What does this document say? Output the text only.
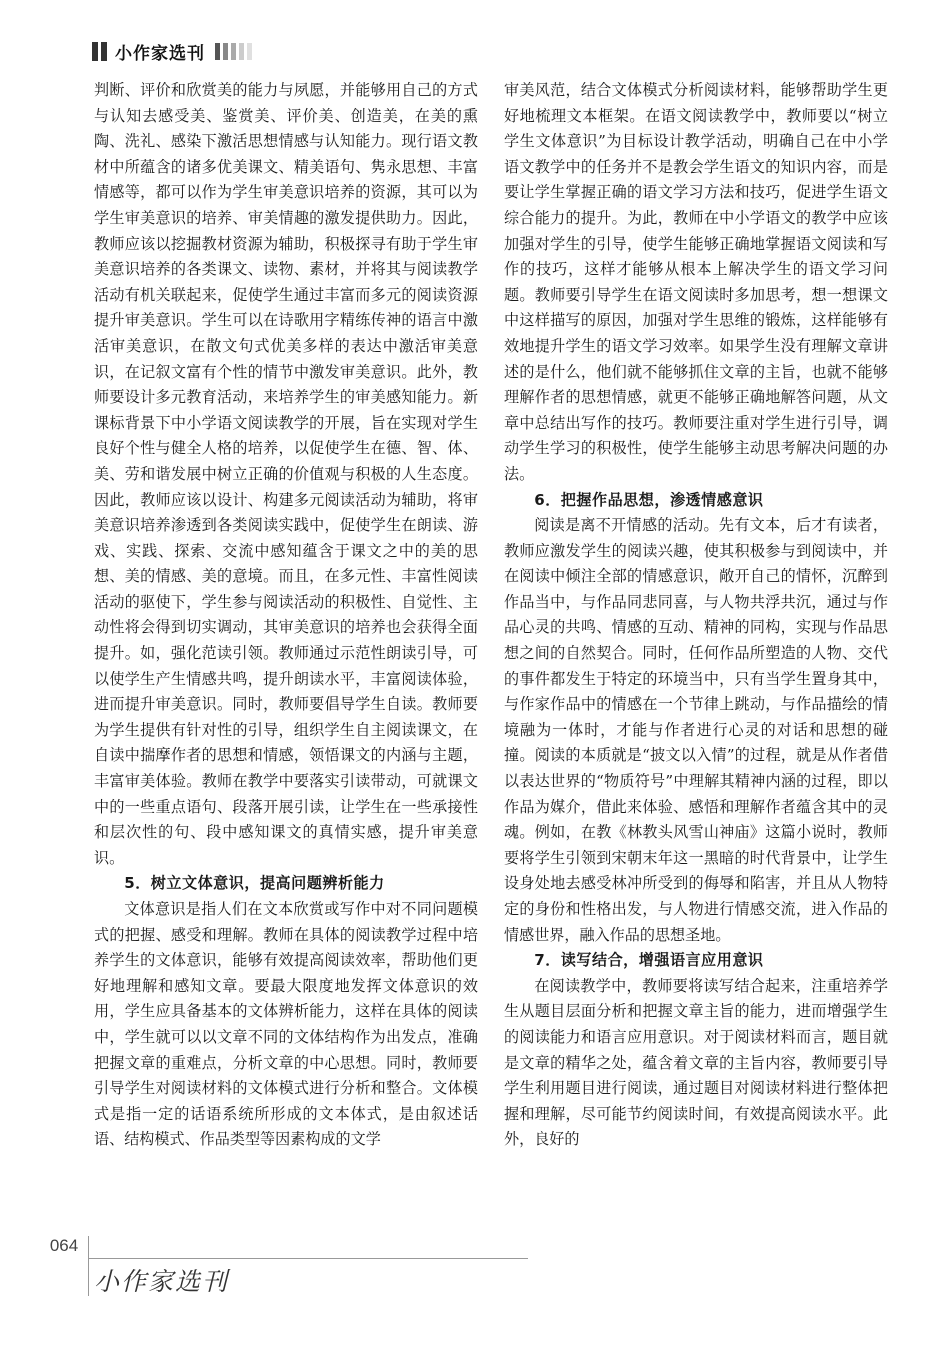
小作家选刊

判断、评价和欣赏美的能力与夙愿，并能够用自己的方式与认知去感受美、鉴赏美、评价美、创造美，在美的熏陶、洗礼、感染下激活思想情感与认知能力。现行语文教材中所蕴含的诸多优美课文、精美语句、隽永思想、丰富情感等，都可以作为学生审美意识培养的资源，其可以为学生审美意识的培养、审美情趣的激发提供助力。因此，教师应该以挖掘教材资源为辅助，积极探寻有助于学生审美意识培养的各类课文、读物、素材，并将其与阅读教学活动有机关联起来，促使学生通过丰富而多元的阅读资源提升审美意识。学生可以在诗歌用字精练传神的语言中激活审美意识，在散文句式优美多样的表达中激活审美意识，在记叙文富有个性的情节中激发审美意识。此外，教师要设计多元教育活动，来培养学生的审美感知能力。新课标背景下中小学语文阅读教学的开展，旨在实现对学生良好个性与健全人格的培养，以促使学生在德、智、体、美、劳和谐发展中树立正确的价值观与积极的人生态度。因此，教师应该以设计、构建多元阅读活动为辅助，将审美意识培养渗透到各类阅读实践中，促使学生在朗读、游戏、实践、探索、交流中感知蕴含于课文之中的美的思想、美的情感、美的意境。而且，在多元性、丰富性阅读活动的驱使下，学生参与阅读活动的积极性、自觉性、主动性将会得到切实调动，其审美意识的培养也会获得全面提升。如，强化范读引领。教师通过示范性朗读引导，可以使学生产生情感共鸣，提升朗读水平，丰富阅读体验，进而提升审美意识。同时，教师要倡导学生自读。教师要为学生提供有针对性的引导，组织学生自主阅读课文，在自读中揣摩作者的思想和情感，领悟课文的内涵与主题，丰富审美体验。教师在教学中要落实引读带动，可就课文中的一些重点语句、段落开展引读，让学生在一些承接性和层次性的句、段中感知课文的真情实感，提升审美意识。

5．树立文体意识，提高问题辨析能力

文体意识是指人们在文本欣赏或写作中对不同问题模式的把握、感受和理解。教师在具体的阅读教学过程中培养学生的文体意识，能够有效提高阅读效率，帮助他们更好地理解和感知文章。要最大限度地发挥文体意识的效用，学生应具备基本的文体辨析能力，这样在具体的阅读中，学生就可以以文章不同的文体结构作为出发点，准确把握文章的重难点，分析文章的中心思想。同时，教师要引导学生对阅读材料的文体模式进行分析和整合。文体模式是指一定的话语系统所形成的文本体式，是由叙述话语、结构模式、作品类型等因素构成的文学

审美风范，结合文体模式分析阅读材料，能够帮助学生更好地梳理文本框架。在语文阅读教学中，教师要以“树立学生文体意识”为目标设计教学活动，明确自己在中小学语文教学中的任务并不是教会学生语文的知识内容，而是要让学生掌握正确的语文学习方法和技巧，促进学生语文综合能力的提升。为此，教师在中小学语文的教学中应该加强对学生的引导，使学生能够正确地掌握语文阅读和写作的技巧，这样才能够从根本上解决学生的语文学习问题。教师要引导学生在语文阅读时多加思考，想一想课文中这样描写的原因，加强对学生思维的锻炼，这样能够有效地提升学生的语文学习效率。如果学生没有理解文章讲述的是什么，他们就不能够抓住文章的主旨，也就不能够理解作者的思想情感，就更不能够正确地解答问题，从文章中总结出写作的技巧。教师要注重对学生进行引导，调动学生学习的积极性，使学生能够主动思考解决问题的办法。

6．把握作品思想，渗透情感意识

阅读是离不开情感的活动。先有文本，后才有读者，教师应激发学生的阅读兴趣，使其积极参与到阅读中，并在阅读中倾注全部的情感意识，敞开自己的情怀，沉醉到作品当中，与作品同悲同喜，与人物共浮共沉，通过与作品心灵的共鸣、情感的互动、精神的同构，实现与作品思想之间的自然契合。同时，任何作品所塑造的人物、交代的事件都发生于特定的环境当中，只有当学生置身其中，与作家作品中的情感在一个节律上跳动，与作品描绘的情境融为一体时，才能与作者进行心灵的对话和思想的碰撞。阅读的本质就是“披文以入情”的过程，就是从作者借以表达世界的“物质符号”中理解其精神内涵的过程，即以作品为媒介，借此来体验、感悟和理解作者蕴含其中的灵魂。例如，在教《林教头风雪山神庙》这篇小说时，教师要将学生引领到宋朝末年这一黑暗的时代背景中，让学生设身处地去感受林冲所受到的侮辱和陷害，并且从人物特定的身份和性格出发，与人物进行情感交流，进入作品的情感世界，融入作品的思想圣地。

7．读写结合，增强语言应用意识

在阅读教学中，教师要将读写结合起来，注重培养学生从题目层面分析和把握文章主旨的能力，进而增强学生的阅读能力和语言应用意识。对于阅读材料而言，题目就是文章的精华之处，蕴含着文章的主旨内容，教师要引导学生利用题目进行阅读，通过题目对阅读材料进行整体把握和理解，尽可能节约阅读时间，有效提高阅读水平。此外，良好的

064
小作家选刊
